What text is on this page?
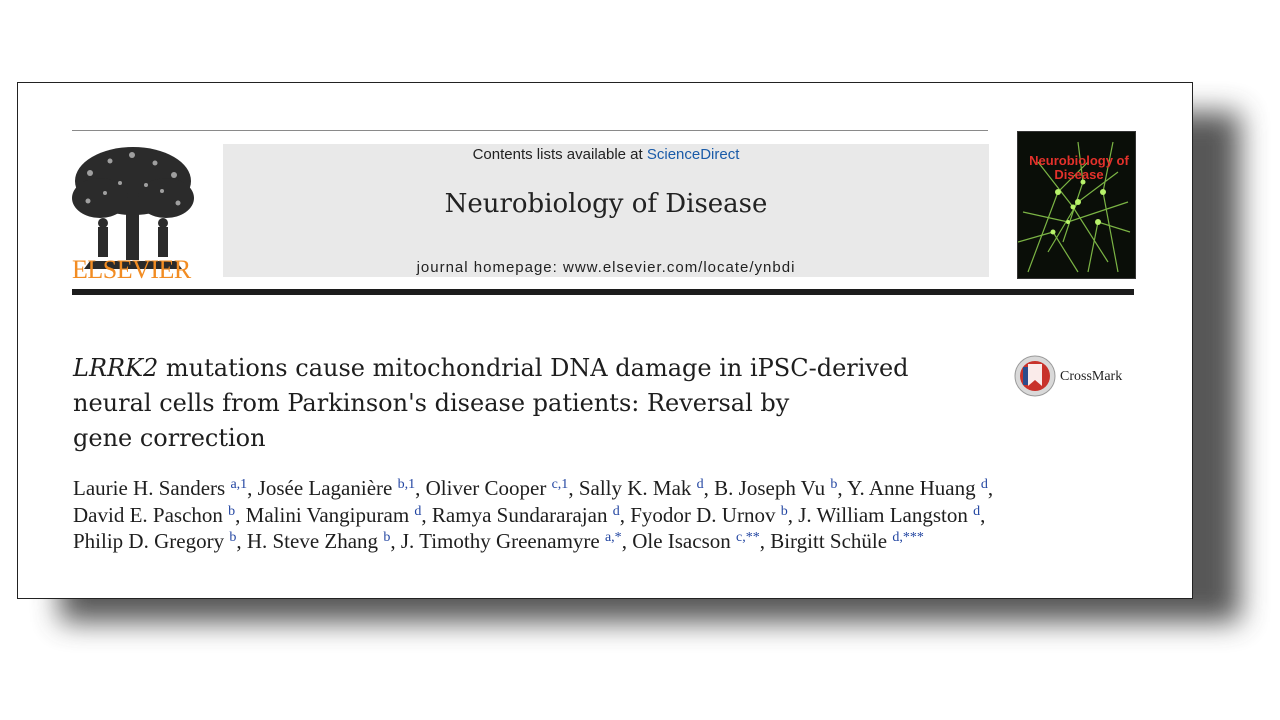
ELSEVIER
Contents lists available at ScienceDirect
Neurobiology of Disease
journal homepage: www.elsevier.com/locate/ynbdi
Neurobiology of Disease
CrossMark
LRRK2 mutations cause mitochondrial DNA damage in iPSC-derived
neural cells from Parkinson's disease patients: Reversal by
gene correction
Laurie H. Sanders $^{a,1}$, Josée Laganière $^{b,1}$, Oliver Cooper $^{c,1}$, Sally K. Mak $^d$, B. Joseph Vu $^b$, Y. Anne Huang $^d$,
David E. Paschon $^b$, Malini Vangipuram $^d$, Ramya Sundararajan $^d$, Fyodor D. Urnov $^b$, J. William Langston $^d$,
Philip D. Gregory $^b$, H. Steve Zhang $^b$, J. Timothy Greenamyre $^{a,*}$, Ole Isacson $^{c,**}$, Birgitt Schüle $^{d,***}$
